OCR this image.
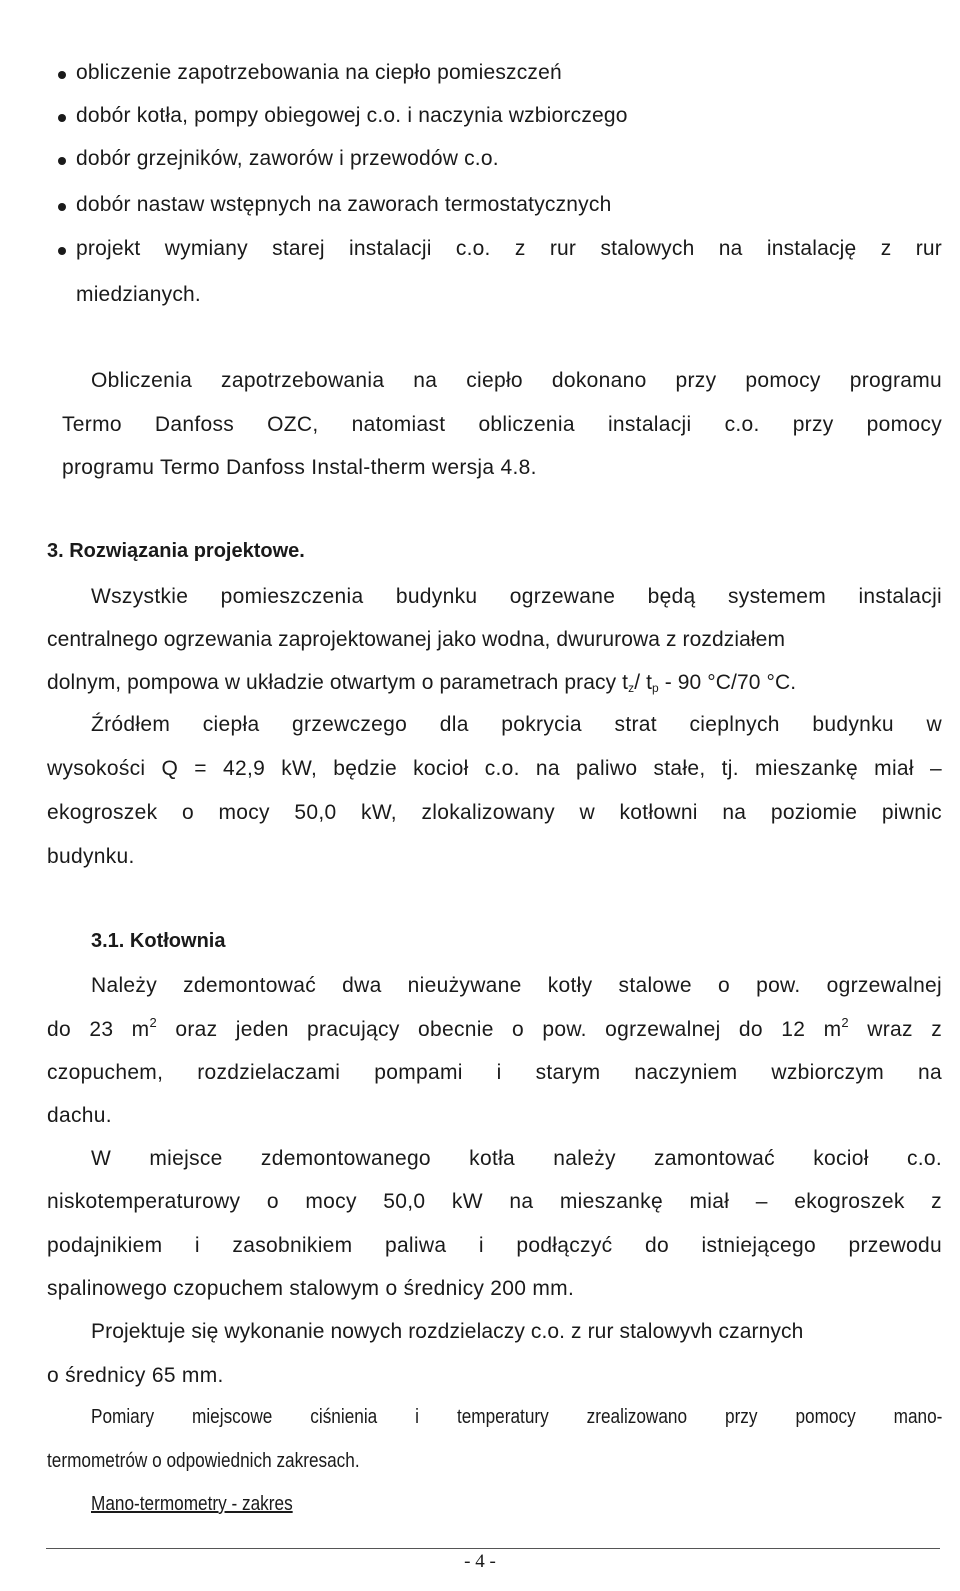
obliczenie zapotrzebowania na ciepło pomieszczeń
dobór kotła, pompy obiegowej c.o. i naczynia wzbiorczego
dobór grzejników, zaworów i przewodów c.o.
dobór nastaw wstępnych na zaworach termostatycznych
projekt wymiany starej instalacji c.o. z rur stalowych na instalację z rur
miedzianych.
Obliczenia zapotrzebowania na ciepło dokonano przy pomocy programu
Termo Danfoss OZC, natomiast obliczenia instalacji c.o. przy pomocy
programu Termo Danfoss Instal-therm wersja 4.8.
3. Rozwiązania projektowe.
Wszystkie pomieszczenia budynku ogrzewane będą systemem instalacji
centralnego ogrzewania zaprojektowanej jako wodna, dwururowa z rozdziałem
dolnym, pompowa w układzie otwartym o parametrach pracy $t_z/$ $t_p - 90$ °C/70 °C.
Źródłem ciepła grzewczego dla pokrycia strat cieplnych budynku w
wysokości Q = 42,9 kW, będzie kocioł c.o. na paliwo stałe, tj. mieszankę miał –
ekogroszek o mocy 50,0 kW, zlokalizowany w kotłowni na poziomie piwnic
budynku.
3.1. Kotłownia
Należy zdemontować dwa nieużywane kotły stalowe o pow. ogrzewalnej
do 23 $m^2$ oraz jeden pracujący obecnie o pow. ogrzewalnej do 12 $m^2$ wraz z
czopuchem, rozdzielaczami pompami i starym naczyniem wzbiorczym na
dachu.
W miejsce zdemontowanego kotła należy zamontować kocioł c.o.
niskotemperaturowy o mocy 50,0 kW na mieszankę miał – ekogroszek z
podajnikiem i zasobnikiem paliwa i podłączyć do istniejącego przewodu
spalinowego czopuchem stalowym o średnicy 200 mm.
Projektuje się wykonanie nowych rozdzielaczy c.o. z rur stalowyvh czarnych
o średnicy 65 mm.
Pomiary miejscowe ciśnienia i temperatury zrealizowano przy pomocy mano-
termometrów o odpowiednich zakresach.
Mano-termometry - zakres
- 4 -
